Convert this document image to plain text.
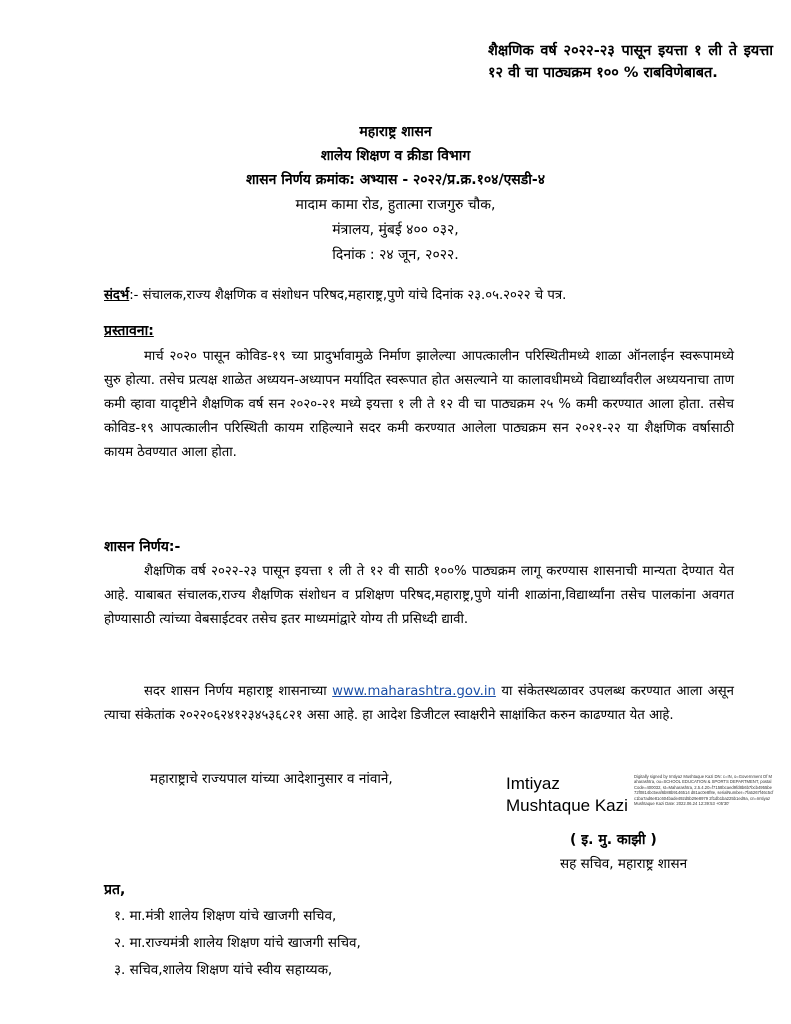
शैक्षणिक वर्ष २०२२-२३ पासून इयत्ता १ ली ते इयत्ता १२ वी चा पाठ्यक्रम १०० % राबविणेबाबत.
महाराष्ट्र शासन
शालेय शिक्षण व क्रीडा विभाग
शासन निर्णय क्रमांक: अभ्यास - २०२२/प्र.क्र.१०४/एसडी-४
मादाम कामा रोड, हुतात्मा राजगुरु चौक,
मंत्रालय, मुंबई ४०० ०३२,
दिनांक : २४ जून, २०२२.
संदर्भ:- संचालक,राज्य शैक्षणिक व संशोधन परिषद,महाराष्ट्र,पुणे यांचे दिनांक २३.०५.२०२२ चे पत्र.
प्रस्तावना:
मार्च २०२० पासून कोविड-१९ च्या प्रादुर्भावामुळे निर्माण झालेल्या आपत्कालीन परिस्थितीमध्ये शाळा ऑनलाईन स्वरूपामध्ये सुरु होत्या. तसेच प्रत्यक्ष शाळेत अध्ययन-अध्यापन मर्यादित स्वरूपात होत असल्याने या कालावधीमध्ये विद्यार्थ्यांवरील अध्ययनाचा ताण कमी व्हावा यादृष्टीने शैक्षणिक वर्ष सन २०२०-२१ मध्ये इयत्ता १ ली ते १२ वी चा पाठ्यक्रम २५ % कमी करण्यात आला होता. तसेच कोविड-१९ आपत्कालीन परिस्थिती कायम राहिल्याने सदर कमी करण्यात आलेला पाठ्यक्रम सन २०२१-२२ या शैक्षणिक वर्षासाठी कायम ठेवण्यात आला होता.
शासन निर्णय:-
शैक्षणिक वर्ष २०२२-२३ पासून इयत्ता १ ली ते १२ वी साठी १००% पाठ्यक्रम लागू करण्यास शासनाची मान्यता देण्यात येत आहे. याबाबत संचालक,राज्य शैक्षणिक संशोधन व प्रशिक्षण परिषद,महाराष्ट्र,पुणे यांनी शाळांना,विद्यार्थ्यांना तसेच पालकांना अवगत होण्यासाठी त्यांच्या वेबसाईटवर तसेच इतर माध्यमांद्वारे योग्य ती प्रसिध्दी द्यावी.
सदर शासन निर्णय महाराष्ट्र शासनाच्या www.maharashtra.gov.in या संकेतस्थळावर उपलब्ध करण्यात आला असून त्याचा संकेतांक २०२२०६२४१२३४५३६८२१ असा आहे. हा आदेश डिजीटल स्वाक्षरीने साक्षांकित करुन काढण्यात येत आहे.
महाराष्ट्राचे राज्यपाल यांच्या आदेशानुसार व नांवाने,	Imtiyaz
Mushtaque Kazi
Digitally signed by Imtiyaz Mushtaque Kazi DN: c=IN, o=Government Of Maharashtra, ou=SCHOOL EDUCATION & SPORTS DEPARTMENT, postalCode=400032, st=Maharashtra, 2.5.4.20=f7158bcaed9fd8b6b7bcb4955be72f0814bc5eaf6b88b9146514 d81ac0e8f8e, serialNumber=7fa5267f46c5cfc1ba7ad6e81c604bade492d5b29e8979 2f1db1ba225b1ed9a, cn=Imtiyaz Mushtaque Kazi Date: 2022.06.24 12:39:53 +05'30'
( इ. मु. काझी )
सह सचिव, महाराष्ट्र शासन
प्रत,
१. मा.मंत्री शालेय शिक्षण यांचे खाजगी सचिव,
२. मा.राज्यमंत्री शालेय शिक्षण यांचे खाजगी सचिव,
३. सचिव,शालेय शिक्षण यांचे स्वीय सहाय्यक,
